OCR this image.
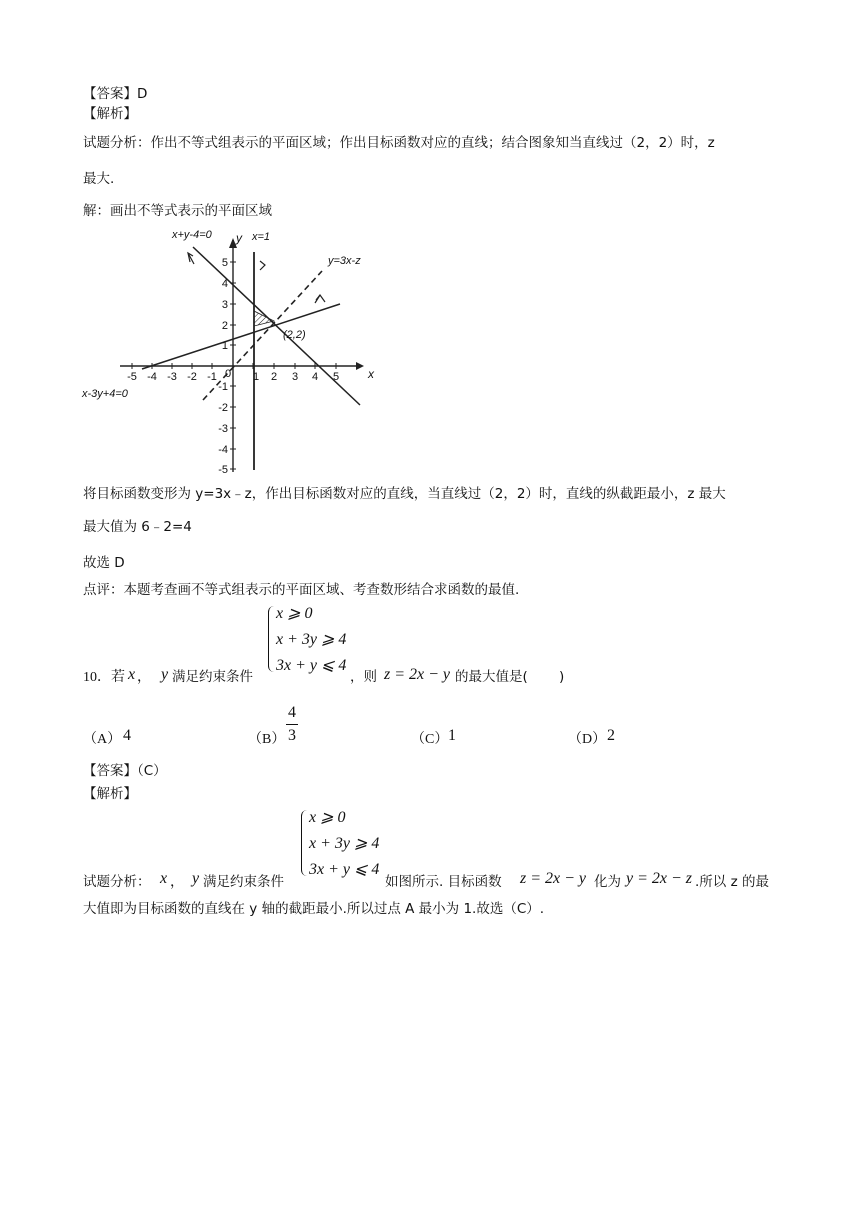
【答案】D
【解析】
试题分析：作出不等式组表示的平面区域；作出目标函数对应的直线；结合图象知当直线过（2，2）时，z
最大.
解：画出不等式表示的平面区域
x+y-4=0 y x=1
y=3x-z
(2,2)
x
x-3y+4=0
-5 -4 -3 -2 -1 0 1 2 3 4 5
5
4
3
2
1
-1
-2
-3
-4
-5
将目标函数变形为 y=3x﹣z，作出目标函数对应的直线，当直线过（2，2）时，直线的纵截距最小，z 最大
最大值为 6﹣2=4
故选 D
点评：本题考查画不等式组表示的平面区域、考查数形结合求函数的最值.
x ⩾ 0
x + 3y ⩾ 4
3x + y ⩽ 4
10．若 x ， y 满足约束条件	，则 z = 2x − y 的最大值是(　　 )
（A） 4	（B）
4
3	（C） 1	（D） 2
【答案】（C）
【解析】
x ⩾ 0
x + 3y ⩾ 4
3x + y ⩽ 4
试题分析： x ， y 满足约束条件	如图所示. 目标函数 z = 2x − y 化为 y = 2x − z .所以 z 的最
大值即为目标函数的直线在 y 轴的截距最小.所以过点 A 最小为 1.故选（C）.
